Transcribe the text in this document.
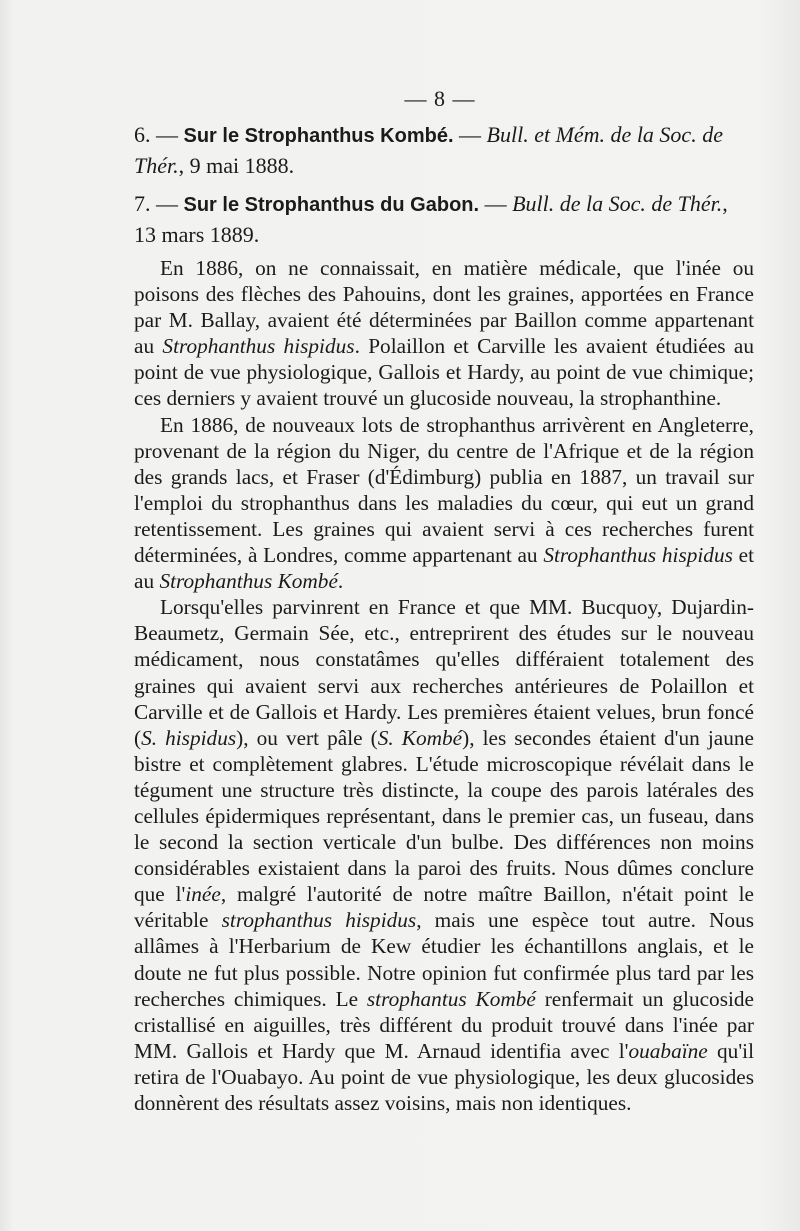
— 8 —
6. — Sur le Strophanthus Kombé. — Bull. et Mém. de la Soc. de Thér., 9 mai 1888.
7. — Sur le Strophanthus du Gabon. — Bull. de la Soc. de Thér., 13 mars 1889.

En 1886, on ne connaissait, en matière médicale, que l'inée ou poisons des flèches des Pahouins, dont les graines, apportées en France par M. Ballay, avaient été déterminées par Baillon comme appartenant au Strophanthus hispidus. Polaillon et Carville les avaient étudiées au point de vue physiologique, Gallois et Hardy, au point de vue chimique; ces derniers y avaient trouvé un glucoside nouveau, la strophanthine.

En 1886, de nouveaux lots de strophanthus arrivèrent en Angleterre, provenant de la région du Niger, du centre de l'Afrique et de la région des grands lacs, et Fraser (d'Édimburg) publia en 1887, un travail sur l'emploi du strophanthus dans les maladies du cœur, qui eut un grand retentissement. Les graines qui avaient servi à ces recherches furent déterminées, à Londres, comme appartenant au Strophanthus hispidus et au Strophanthus Kombé.

Lorsqu'elles parvinrent en France et que MM. Bucquoy, Dujardin-Beaumetz, Germain Sée, etc., entreprirent des études sur le nouveau médicament, nous constatâmes qu'elles différaient totalement des graines qui avaient servi aux recherches antérieures de Polaillon et Carville et de Gallois et Hardy. Les premières étaient velues, brun foncé (S. hispidus), ou vert pâle (S. Kombé), les secondes étaient d'un jaune bistre et complètement glabres. L'étude microscopique révélait dans le tégument une structure très distincte, la coupe des parois latérales des cellules épidermiques représentant, dans le premier cas, un fuseau, dans le second la section verticale d'un bulbe. Des différences non moins considérables existaient dans la paroi des fruits. Nous dûmes conclure que l'inée, malgré l'autorité de notre maître Baillon, n'était point le véritable strophanthus hispidus, mais une espèce tout autre. Nous allâmes à l'Herbarium de Kew étudier les échantillons anglais, et le doute ne fut plus possible. Notre opinion fut confirmée plus tard par les recherches chimiques. Le strophantus Kombé renfermait un glucoside cristallisé en aiguilles, très différent du produit trouvé dans l'inée par MM. Gallois et Hardy que M. Arnaud identifia avec l'ouabaïne qu'il retira de l'Ouabayo. Au point de vue physiologique, les deux glucosides donnèrent des résultats assez voisins, mais non identiques.
